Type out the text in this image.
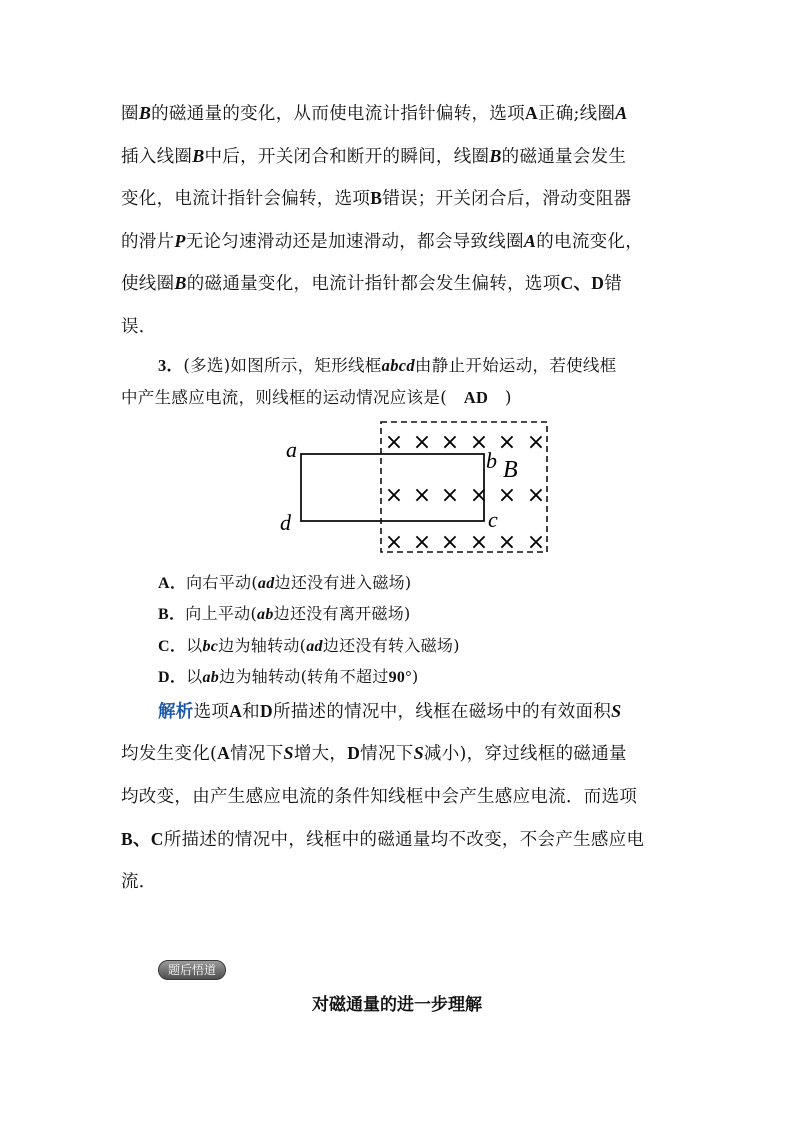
圈B的磁通量的变化，从而使电流计指针偏转，选项A正确;线圈A
插入线圈B中后，开关闭合和断开的瞬间，线圈B的磁通量会发生
变化，电流计指针会偏转，选项B错误；开关闭合后，滑动变阻器
的滑片P无论匀速滑动还是加速滑动，都会导致线圈A的电流变化，
使线圈B的磁通量变化，电流计指针都会发生偏转，选项C、D错
误．
3．(多选)如图所示，矩形线框abcd由静止开始运动，若使线框
中产生感应电流，则线框的运动情况应该是(　AD　)
× × × × × ×
× × × × × ×
× × × × × ×
a	b B
d	c
A．向右平动(ad边还没有进入磁场)
B．向上平动(ab边还没有离开磁场)
C．以bc边为轴转动(ad边还没有转入磁场)
D．以ab边为轴转动(转角不超过90°)
解析选项A和D所描述的情况中，线框在磁场中的有效面积S
均发生变化(A情况下S增大，D情况下S减小)，穿过线框的磁通量
均改变，由产生感应电流的条件知线框中会产生感应电流．而选项
B、C所描述的情况中，线框中的磁通量均不改变，不会产生感应电
流．
题后悟道
对磁通量的进一步理解
